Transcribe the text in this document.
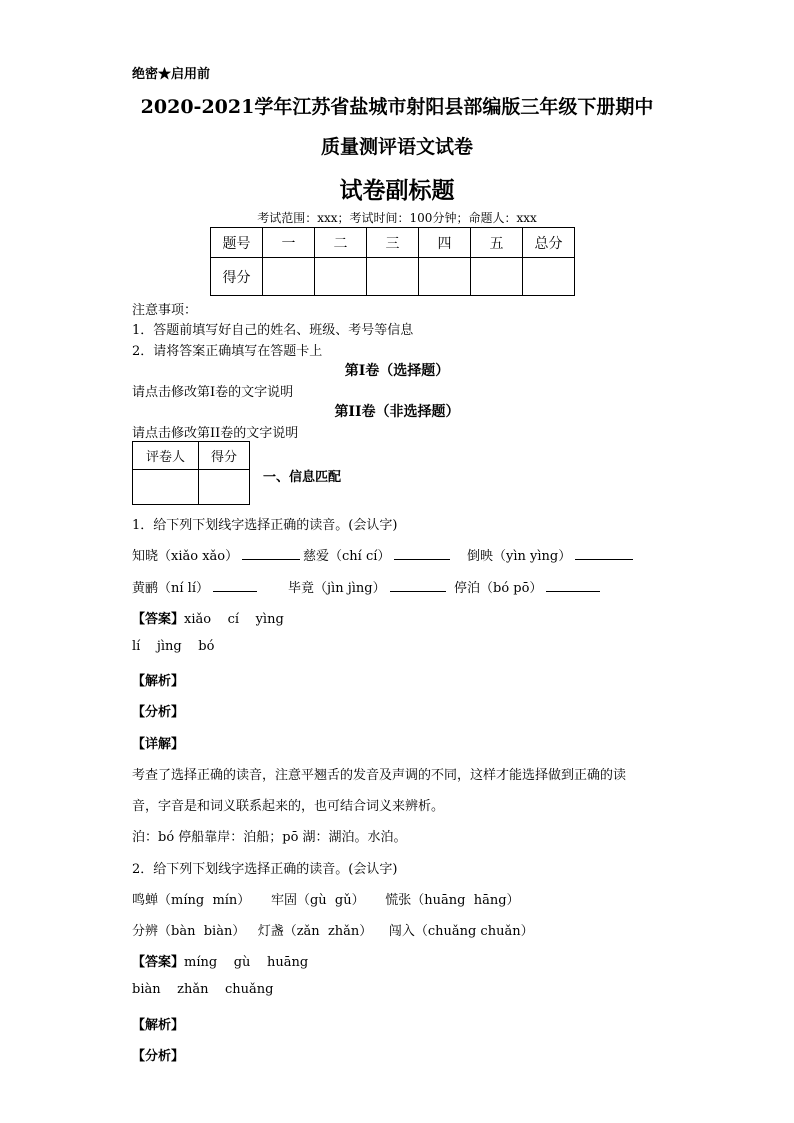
绝密★启用前
2020-2021学年江苏省盐城市射阳县部编版三年级下册期中
质量测评语文试卷
试卷副标题
考试范围：xxx；考试时间：100分钟；命题人：xxx
题号	一	二	三	四	五	总分
得分						
注意事项：
1．答题前填写好自己的姓名、班级、考号等信息
2．请将答案正确填写在答题卡上
第I卷（选择题）
请点击修改第I卷的文字说明
第II卷（非选择题）
请点击修改第II卷的文字说明
评卷人	得分

一、信息匹配
1．给下列下划线字选择正确的读音。(会认字)
知晓（xiǎo xǎo）	慈爱（chí cí）	倒映（yìn yìng）
黄鹂（ní lí）	毕竟（jìn jìng）	停泊（bó pō）
【答案】xiǎo    cí    yìng
lí    jìng    bó
【解析】
【分析】
【详解】
考查了选择正确的读音，注意平翘舌的发音及声调的不同，这样才能选择做到正确的读
音，字音是和词义联系起来的，也可结合词义来辨析。
泊：bó 停船靠岸：泊船；pō 湖：湖泊。水泊。
2．给下列下划线字选择正确的读音。(会认字)
鸣蝉（míng  mín）     牢固（gù  gǔ）     慌张（huāng  hāng）
分辨（bàn  biàn）   灯盏（zǎn  zhǎn）    闯入（chuǎng chuǎn）
【答案】míng    gù    huāng
biàn    zhǎn    chuǎng
【解析】
【分析】
